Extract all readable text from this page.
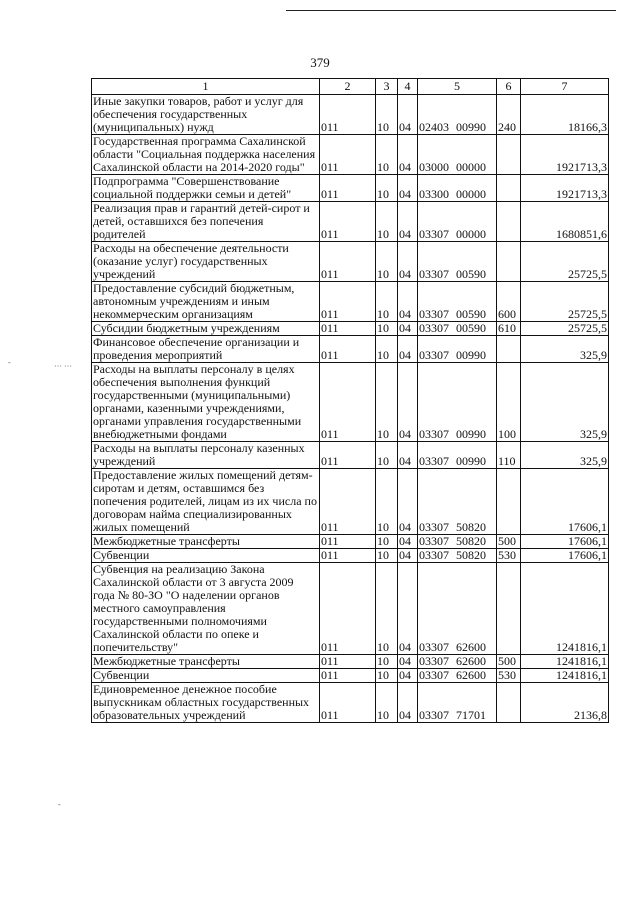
379
-	··· ···
-
1	2	3	4	5	6	7
Иные закупки товаров, работ и услуг для обеспечения государственных (муниципальных) нужд	011	10	04	02403 00990	240	18166,3
Государственная программа Сахалинской области "Социальная поддержка населения Сахалинской области на 2014-2020 годы"	011	10	04	03000 00000		1921713,3
Подпрограмма "Совершенствование социальной поддержки семьи и детей"	011	10	04	03300 00000		1921713,3
Реализация прав и гарантий детей-сирот и детей, оставшихся без попечения родителей	011	10	04	03307 00000		1680851,6
Расходы на обеспечение деятельности (оказание услуг) государственных учреждений	011	10	04	03307 00590		25725,5
Предоставление субсидий бюджетным, автономным учреждениям и иным некоммерческим организациям	011	10	04	03307 00590	600	25725,5
Субсидии бюджетным учреждениям	011	10	04	03307 00590	610	25725,5
Финансовое обеспечение организации и проведения мероприятий	011	10	04	03307 00990		325,9
Расходы на выплаты персоналу в целях обеспечения выполнения функций государственными (муниципальными) органами, казенными учреждениями, органами управления государственными внебюджетными фондами	011	10	04	03307 00990	100	325,9
Расходы на выплаты персоналу казенных учреждений	011	10	04	03307 00990	110	325,9
Предоставление жилых помещений детям-сиротам и детям, оставшимся без попечения родителей, лицам из их числа по договорам найма специализированных жилых помещений	011	10	04	03307 50820		17606,1
Межбюджетные трансферты	011	10	04	03307 50820	500	17606,1
Субвенции	011	10	04	03307 50820	530	17606,1
Субвенция на реализацию Закона Сахалинской области от 3 августа 2009 года № 80-ЗО "О наделении органов местного самоуправления государственными полномочиями Сахалинской области по опеке и попечительству"	011	10	04	03307 62600		1241816,1
Межбюджетные трансферты	011	10	04	03307 62600	500	1241816,1
Субвенции	011	10	04	03307 62600	530	1241816,1
Единовременное денежное пособие выпускникам областных государственных образовательных учреждений	011	10	04	03307 71701		2136,8
